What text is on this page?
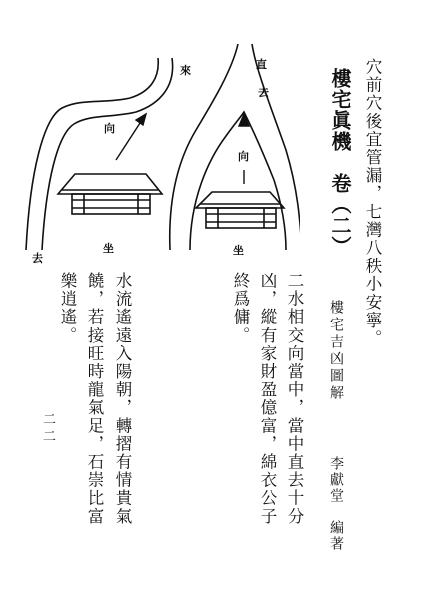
來
向
去
坐
直
去
向
坐	穴前穴後宜管漏，七灣八秩小安寧。
樓宅眞機　卷（二）
樓宅吉凶圖解
李獻堂　編著
二水相交向當中，當中直去十分
凶，縱有家財盈億富，綿衣公子
終爲傭。
水流遙遠入陽朝，轉摺有情貴氣
饒，若接旺時龍氣足，石崇比富
樂逍遙。
二二
